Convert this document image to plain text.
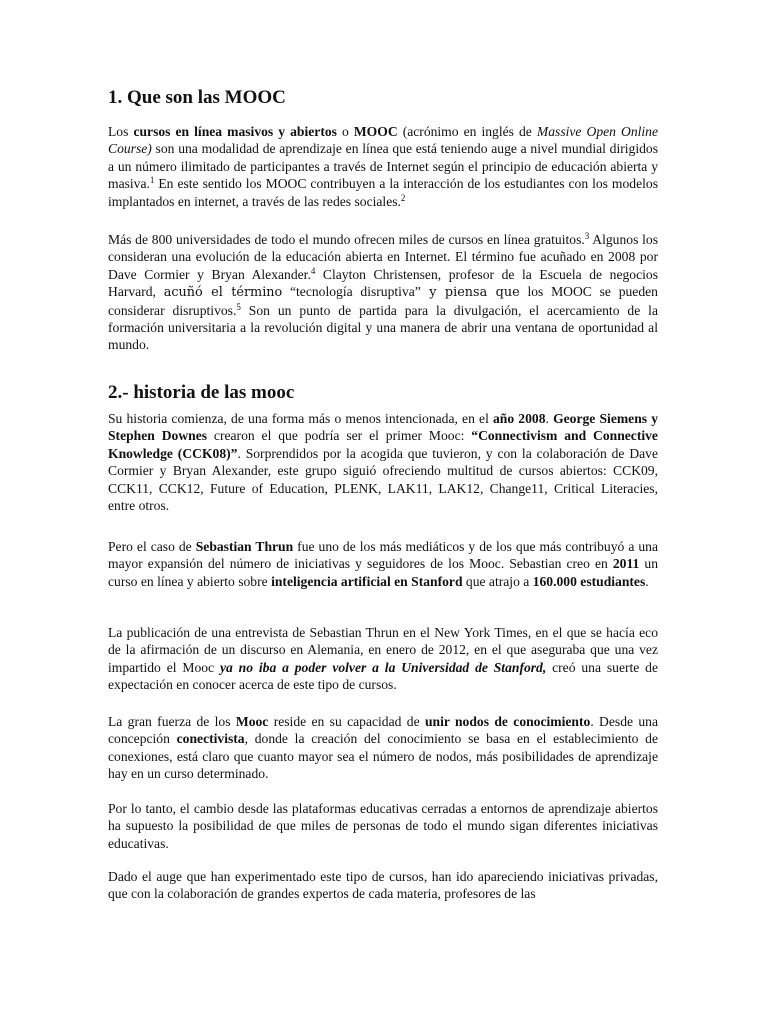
1. Que son las MOOC

Los cursos en línea masivos y abiertos o MOOC (acrónimo en inglés de Massive Open Online Course) son una modalidad de aprendizaje en línea que está teniendo auge a nivel mundial dirigidos a un número ilimitado de participantes a través de Internet según el principio de educación abierta y masiva.$^1$ En este sentido los MOOC contribuyen a la interacción de los estudiantes con los modelos implantados en internet, a través de las redes sociales.$^2$

Más de 800 universidades de todo el mundo ofrecen miles de cursos en línea gratuitos.$^3$ Algunos los consideran una evolución de la educación abierta en Internet. El término fue acuñado en 2008 por Dave Cormier y Bryan Alexander.$^4$ Clayton Christensen, profesor de la Escuela de negocios Harvard, acuñó el término “tecnología disruptiva” y piensa que los MOOC se pueden considerar disruptivos.$^5$ Son un punto de partida para la divulgación, el acercamiento de la formación universitaria a la revolución digital y una manera de abrir una ventana de oportunidad al mundo.

2.- historia de las mooc

Su historia comienza, de una forma más o menos intencionada, en el año 2008. George Siemens y Stephen Downes crearon el que podría ser el primer Mooc: “Connectivism and Connective Knowledge (CCK08)”. Sorprendidos por la acogida que tuvieron, y con la colaboración de Dave Cormier y Bryan Alexander, este grupo siguió ofreciendo multitud de cursos abiertos: CCK09, CCK11, CCK12, Future of Education, PLENK, LAK11, LAK12, Change11, Critical Literacies, entre otros.

Pero el caso de Sebastian Thrun fue uno de los más mediáticos y de los que más contribuyó a una mayor expansión del número de iniciativas y seguidores de los Mooc. Sebastian creo en 2011 un curso en línea y abierto sobre inteligencia artificial en Stanford que atrajo a 160.000 estudiantes.

La publicación de una entrevista de Sebastian Thrun en el New York Times, en el que se hacía eco de la afirmación de un discurso en Alemania, en enero de 2012, en el que aseguraba que una vez impartido el Mooc ya no iba a poder volver a la Universidad de Stanford, creó una suerte de expectación en conocer acerca de este tipo de cursos.

La gran fuerza de los Mooc reside en su capacidad de unir nodos de conocimiento. Desde una concepción conectivista, donde la creación del conocimiento se basa en el establecimiento de conexiones, está claro que cuanto mayor sea el número de nodos, más posibilidades de aprendizaje hay en un curso determinado.

Por lo tanto, el cambio desde las plataformas educativas cerradas a entornos de aprendizaje abiertos ha supuesto la posibilidad de que miles de personas de todo el mundo sigan diferentes iniciativas educativas.

Dado el auge que han experimentado este tipo de cursos, han ido apareciendo iniciativas privadas, que con la colaboración de grandes expertos de cada materia, profesores de las
